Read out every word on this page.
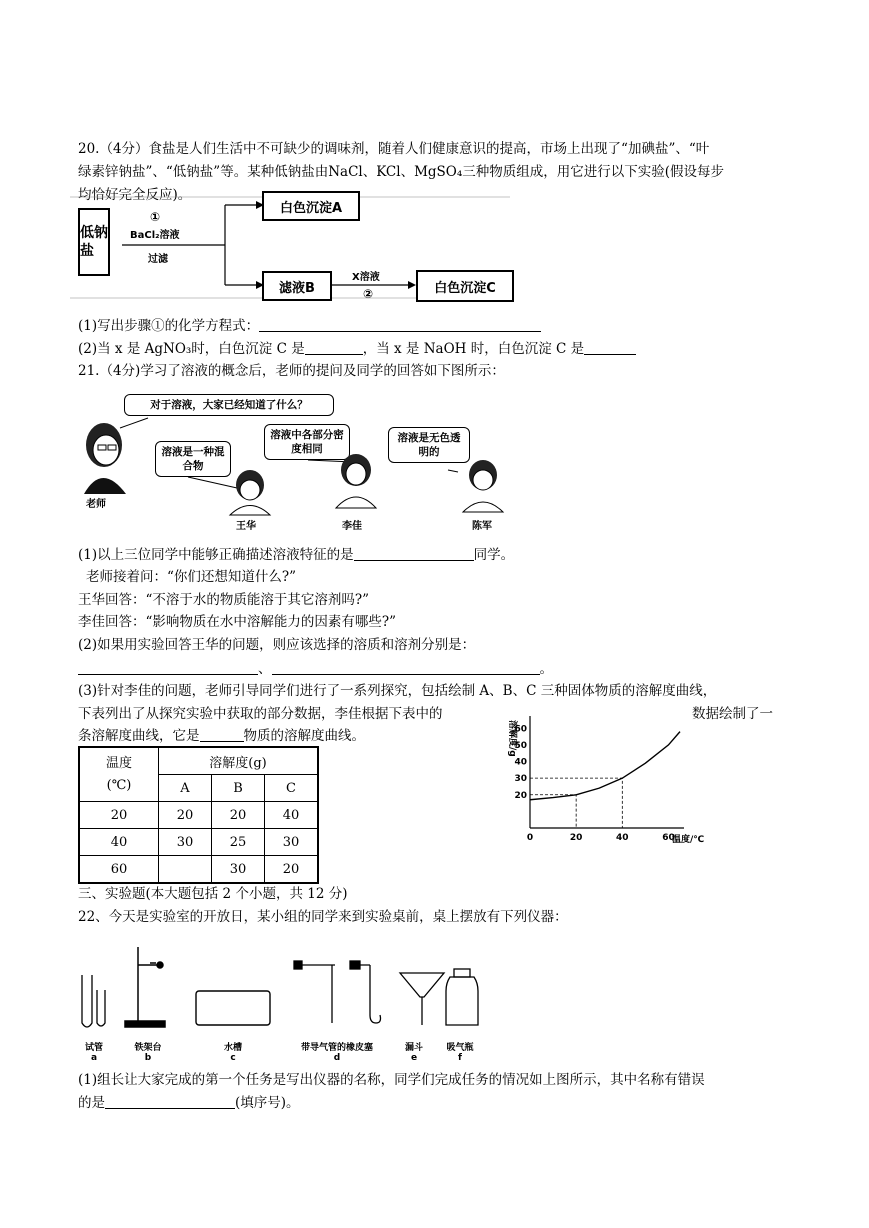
20.（4分）食盐是人们生活中不可缺少的调味剂，随着人们健康意识的提高，市场上出现了“加碘盐”、“叶
绿素锌钠盐”、“低钠盐”等。某种低钠盐由NaCl、KCl、MgSO₄三种物质组成，用它进行以下实验(假设每步
均恰好完全反应)。
低钠盐
①
BaCl₂溶液
过滤
白色沉淀A
滤液B
X溶液
②	白色沉淀C
(1)写出步骤①的化学方程式：
(2)当 x 是 AgNO₃时，白色沉淀 C 是	，当 x 是 NaOH 时，白色沉淀 C 是
21.（4分)学习了溶液的概念后，老师的提问及同学的回答如下图所示：
对于溶液，大家已经知道了什么？
溶液是一种混合物
溶液中各部分密度相同
溶液是无色透明的
老师
王华	李佳	陈军
(1)以上三位同学中能够正确描述溶液特征的是	同学。
老师接着问：“你们还想知道什么?”
王华回答：“不溶于水的物质能溶于其它溶剂吗?”
李佳回答：“影响物质在水中溶解能力的因素有哪些?”
(2)如果用实验回答王华的问题，则应该选择的溶质和溶剂分别是：
、	。
(3)针对李佳的问题，老师引导同学们进行了一系列探究，包括绘制 A、B、C 三种固体物质的溶解度曲线，
下表列出了从探究实验中获取的部分数据，李佳根据下表中的	数据绘制了一
条溶解度曲线，它是	物质的溶解度曲线。
温度
(℃)	溶解度(g)		
	A	B	C
20	20	20	40
40	30	25	30
60		30	20
0	20	40	60
20
30
40
50
60
温度/℃
溶解度/g
三、实验题(本大题包括 2 个小题，共 12 分)
22、今天是实验室的开放日，某小组的同学来到实验桌前，桌上摆放有下列仪器：
试管
a
铁架台
b
水槽
c
带导气管的橡皮塞
d
漏斗
e
吸气瓶
f
(1)组长让大家完成的第一个任务是写出仪器的名称，同学们完成任务的情况如上图所示，其中名称有错误
的是	(填序号)。
